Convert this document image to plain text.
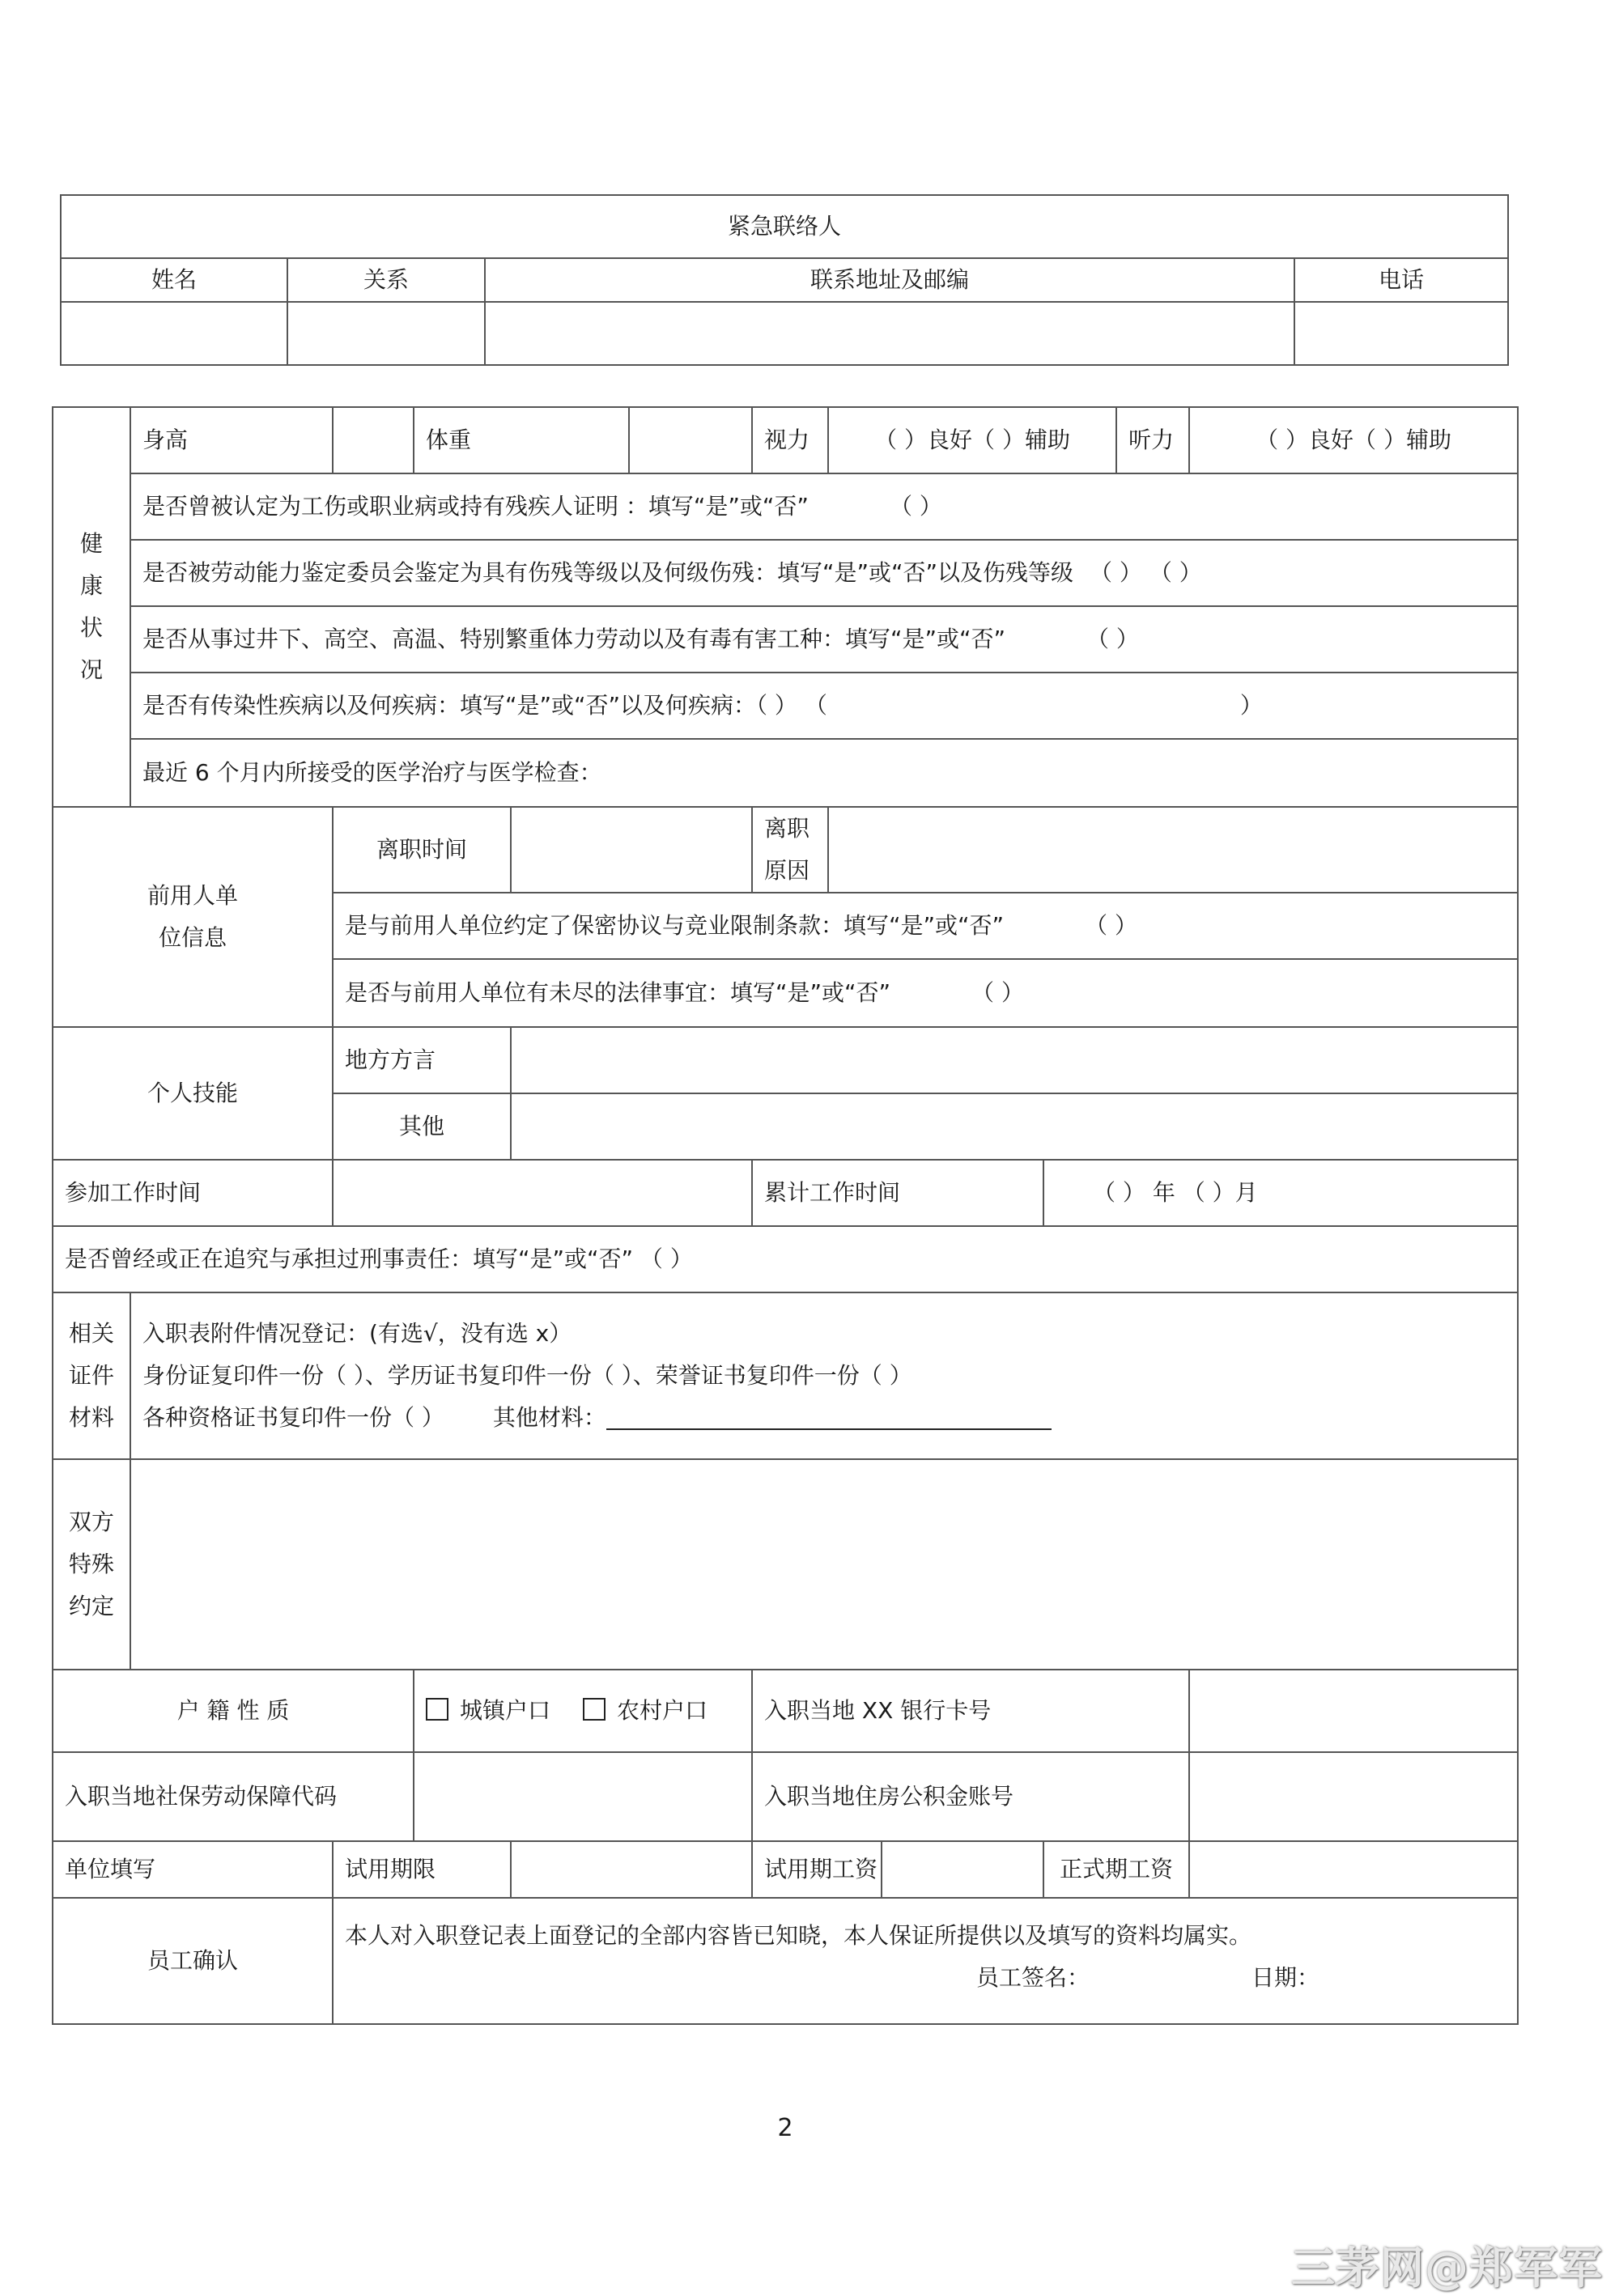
紧急联络人			
姓名	关系	联系地址及邮编	电话

健康状况	身高		体重			视力	（ ）良好（ ）辅助			听力	（ ）良好（ ）辅助
	是否曾被认定为工伤或职业病或持有残疾人证明 ：填写“是”或“否” （ ）										
	是否被劳动能力鉴定委员会鉴定为具有伤残等级以及何级伤残：填写“是”或“否”以及伤残等级 （ ） （ ）										
	是否从事过井下、高空、高温、特别繁重体力劳动以及有毒有害工种：填写“是”或“否” （ ）										
	是否有传染性疾病以及何疾病：填写“是”或“否”以及何疾病：（ ） （ ）										
	最近 6 个月内所接受的医学治疗与医学检查：										

前用人单位信息		离职时间				离职原因					

		是与前用人单位约定了保密协议与竞业限制条款：填写“是”或“否” （ ）									
		是否与前用人单位有未尽的法律事宜：填写“是”或“否” （ ）									
个人技能		地方方言									
		其他									
参加工作时间						累计工作时间			（ ） 年 （ ）月		
是否曾经或正在追究与承担过刑事责任：填写“是”或“否” （ ）											

相关证件材料	入职表附件情况登记：(有选√，没有选 x）
身份证复印件一份（ ）、学历证书复印件一份（ ）、荣誉证书复印件一份（ ）
各种资格证书复印件一份（ ） 其他材料：										

双方特殊约定											

户 籍 性 质			城镇户口 农村户口			入职当地 XX 银行卡号					

入职当地社保劳动保障代码						入职当地住房公积金账号					
单位填写		试用期限				试用期工资			正式期工资		
员工确认		本人对入职登记表上面登记的全部内容皆已知晓，本人保证所提供以及填写的资料均属实。
员工签名： 日期：									
2
三茅网@郑军军
